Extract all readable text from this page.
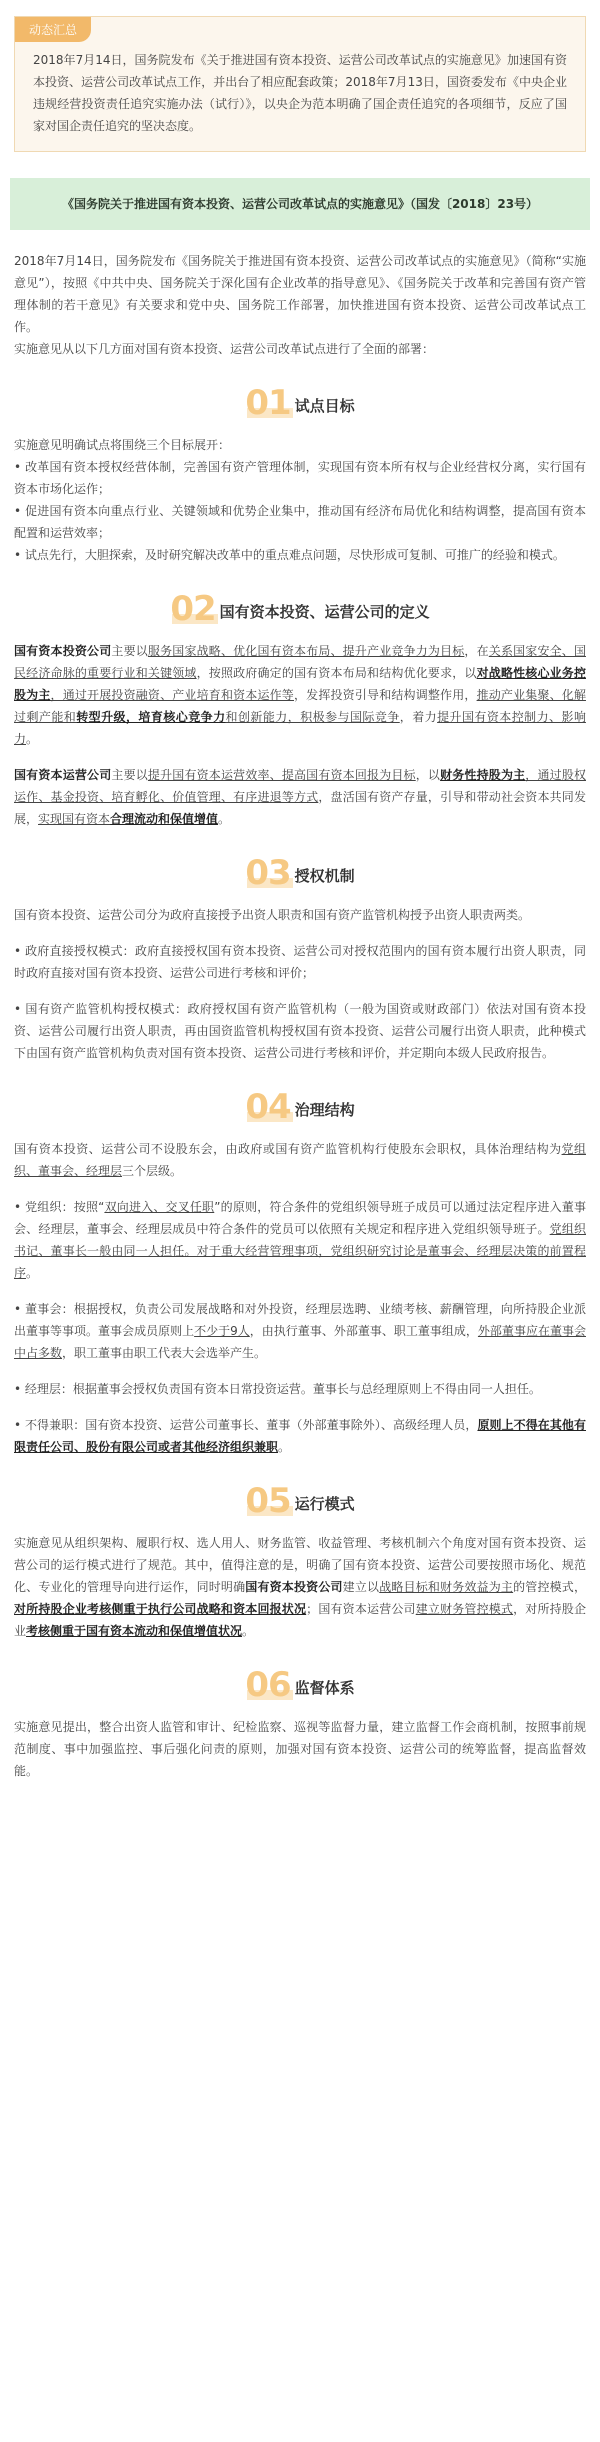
动态汇总

2018年7月14日，国务院发布《关于推进国有资本投资、运营公司改革试点的实施意见》加速国有资本投资、运营公司改革试点工作，并出台了相应配套政策；2018年7月13日，国资委发布《中央企业违规经营投资责任追究实施办法（试行）》，以央企为范本明确了国企责任追究的各项细节，反应了国家对国企责任追究的坚决态度。

《国务院关于推进国有资本投资、运营公司改革试点的实施意见》（国发〔2018〕23号）

2018年7月14日，国务院发布《国务院关于推进国有资本投资、运营公司改革试点的实施意见》（简称“实施意见”），按照《中共中央、国务院关于深化国有企业改革的指导意见》、《国务院关于改革和完善国有资产管理体制的若干意见》有关要求和党中央、国务院工作部署，加快推进国有资本投资、运营公司改革试点工作。

实施意见从以下几方面对国有资本投资、运营公司改革试点进行了全面的部署：

01 试点目标

实施意见明确试点将围绕三个目标展开：

• 改革国有资本授权经营体制，完善国有资产管理体制，实现国有资本所有权与企业经营权分离，实行国有资本市场化运作；

• 促进国有资本向重点行业、关键领域和优势企业集中，推动国有经济布局优化和结构调整，提高国有资本配置和运营效率；

• 试点先行，大胆探索，及时研究解决改革中的重点难点问题，尽快形成可复制、可推广的经验和模式。

02 国有资本投资、运营公司的定义

国有资本投资公司主要以服务国家战略、优化国有资本布局、提升产业竞争力为目标，在关系国家安全、国民经济命脉的重要行业和关键领域，按照政府确定的国有资本布局和结构优化要求，以对战略性核心业务控股为主，通过开展投资融资、产业培育和资本运作等，发挥投资引导和结构调整作用，推动产业集聚、化解过剩产能和转型升级，培育核心竞争力和创新能力，积极参与国际竞争，着力提升国有资本控制力、影响力。

国有资本运营公司主要以提升国有资本运营效率、提高国有资本回报为目标，以财务性持股为主，通过股权运作、基金投资、培育孵化、价值管理、有序进退等方式，盘活国有资产存量，引导和带动社会资本共同发展，实现国有资本合理流动和保值增值。

03 授权机制

国有资本投资、运营公司分为政府直接授予出资人职责和国有资产监管机构授予出资人职责两类。

• 政府直接授权模式：政府直接授权国有资本投资、运营公司对授权范围内的国有资本履行出资人职责，同时政府直接对国有资本投资、运营公司进行考核和评价；

• 国有资产监管机构授权模式：政府授权国有资产监管机构（一般为国资或财政部门）依法对国有资本投资、运营公司履行出资人职责，再由国资监管机构授权国有资本投资、运营公司履行出资人职责，此种模式下由国有资产监管机构负责对国有资本投资、运营公司进行考核和评价，并定期向本级人民政府报告。

04 治理结构

国有资本投资、运营公司不设股东会，由政府或国有资产监管机构行使股东会职权，具体治理结构为党组织、董事会、经理层三个层级。

• 党组织：按照“双向进入、交叉任职”的原则，符合条件的党组织领导班子成员可以通过法定程序进入董事会、经理层，董事会、经理层成员中符合条件的党员可以依照有关规定和程序进入党组织领导班子。党组织书记、董事长一般由同一人担任。对于重大经营管理事项，党组织研究讨论是董事会、经理层决策的前置程序。

• 董事会：根据授权，负责公司发展战略和对外投资，经理层选聘、业绩考核、薪酬管理，向所持股企业派出董事等事项。董事会成员原则上不少于9人，由执行董事、外部董事、职工董事组成，外部董事应在董事会中占多数，职工董事由职工代表大会选举产生。

• 经理层：根据董事会授权负责国有资本日常投资运营。董事长与总经理原则上不得由同一人担任。

• 不得兼职：国有资本投资、运营公司董事长、董事（外部董事除外）、高级经理人员，原则上不得在其他有限责任公司、股份有限公司或者其他经济组织兼职。

05 运行模式

实施意见从组织架构、履职行权、选人用人、财务监管、收益管理、考核机制六个角度对国有资本投资、运营公司的运行模式进行了规范。其中，值得注意的是，明确了国有资本投资、运营公司要按照市场化、规范化、专业化的管理导向进行运作，同时明确国有资本投资公司建立以战略目标和财务效益为主的管控模式，对所持股企业考核侧重于执行公司战略和资本回报状况；国有资本运营公司建立财务管控模式，对所持股企业考核侧重于国有资本流动和保值增值状况。

06 监督体系

实施意见提出，整合出资人监管和审计、纪检监察、巡视等监督力量，建立监督工作会商机制，按照事前规范制度、事中加强监控、事后强化问责的原则，加强对国有资本投资、运营公司的统筹监督，提高监督效能。
